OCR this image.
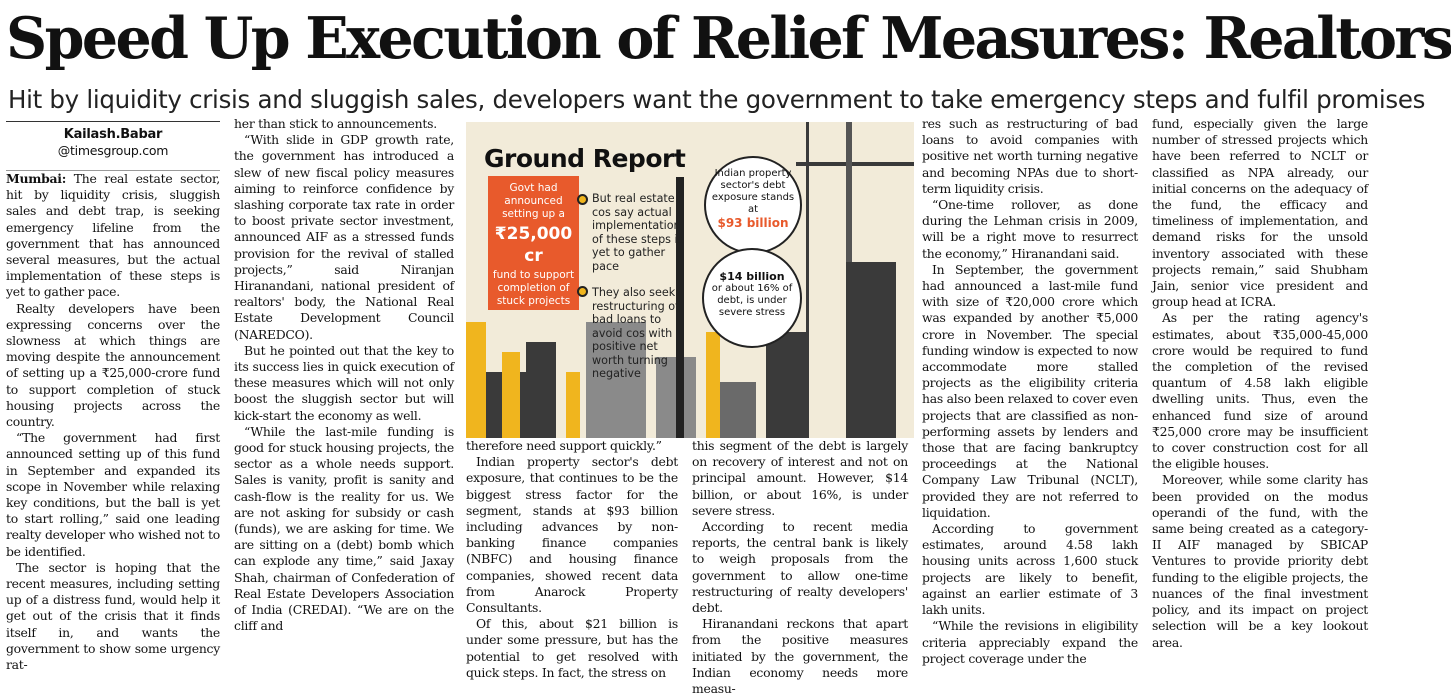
Speed Up Execution of Relief Measures: Realtors
Hit by liquidity crisis and sluggish sales, developers want the government to take emergency steps and fulfil promises
Kailash.Babar
@timesgroup.com

Mumbai: The real estate sector, hit by liquidity crisis, sluggish sales and debt trap, is seeking emergency lifeline from the government that has announced several measures, but the actual implementation of these steps is yet to gather pace.

Realty developers have been expressing concerns over the slowness at which things are moving despite the announcement of setting up a ₹25,000-crore fund to support completion of stuck housing projects across the country.

“The government had first announced setting up of this fund in September and expanded its scope in November while relaxing key conditions, but the ball is yet to start rolling,” said one leading realty developer who wished not to be identified.

The sector is hoping that the recent measures, including setting up of a distress fund, would help it get out of the crisis that it finds itself in, and wants the government to show some urgency rat-

her than stick to announcements.

“With slide in GDP growth rate, the government has introduced a slew of new fiscal policy measures aiming to reinforce confidence by slashing corporate tax rate in order to boost private sector investment, announced AIF as a stressed funds provision for the revival of stalled projects,” said Niranjan Hiranandani, national president of realtors' body, the National Real Estate Development Council (NAREDCO).

But he pointed out that the key to its success lies in quick execution of these measures which will not only boost the sluggish sector but will kick-start the economy as well.

“While the last-mile funding is good for stuck housing projects, the sector as a whole needs support. Sales is vanity, profit is sanity and cash-flow is the reality for us. We are not asking for subsidy or cash (funds), we are asking for time. We are sitting on a (debt) bomb which can explode any time,” said Jaxay Shah, chairman of Confederation of Real Estate Developers Association of India (CREDAI). “We are on the cliff and

Ground Report
Govt had announced setting up a
₹25,000 cr
fund to support completion of stuck projects
But real estate cos say actual implementation of these steps is yet to gather pace
They also seek restructuring of bad loans to avoid cos with positive net worth turning negative
Indian property sector's debt exposure stands at
$93 billion
$14 billion
or about 16% of debt, is under severe stress

therefore need support quickly.”

Indian property sector's debt exposure, that continues to be the biggest stress factor for the segment, stands at $93 billion including advances by non-banking finance companies (NBFC) and housing finance companies, showed recent data from Anarock Property Consultants.

Of this, about $21 billion is under some pressure, but has the potential to get resolved with quick steps. In fact, the stress on

this segment of the debt is largely on recovery of interest and not on principal amount. However, $14 billion, or about 16%, is under severe stress.

According to recent media reports, the central bank is likely to weigh proposals from the government to allow one-time restructuring of realty developers' debt.

Hiranandani reckons that apart from the positive measures initiated by the government, the Indian economy needs more measu-

res such as restructuring of bad loans to avoid companies with positive net worth turning negative and becoming NPAs due to short-term liquidity crisis.

“One-time rollover, as done during the Lehman crisis in 2009, will be a right move to resurrect the economy,” Hiranandani said.

In September, the government had announced a last-mile fund with size of ₹20,000 crore which was expanded by another ₹5,000 crore in November. The special funding window is expected to now accommodate more stalled projects as the eligibility criteria has also been relaxed to cover even projects that are classified as non-performing assets by lenders and those that are facing bankruptcy proceedings at the National Company Law Tribunal (NCLT), provided they are not referred to liquidation.

According to government estimates, around 4.58 lakh housing units across 1,600 stuck projects are likely to benefit, against an earlier estimate of 3 lakh units.

“While the revisions in eligibility criteria appreciably expand the project coverage under the

fund, especially given the large number of stressed projects which have been referred to NCLT or classified as NPA already, our initial concerns on the adequacy of the fund, the efficacy and timeliness of implementation, and demand risks for the unsold inventory associated with these projects remain,” said Shubham Jain, senior vice president and group head at ICRA.

As per the rating agency's estimates, about ₹35,000-45,000 crore would be required to fund the completion of the revised quantum of 4.58 lakh eligible dwelling units. Thus, even the enhanced fund size of around ₹25,000 crore may be insufficient to cover construction cost for all the eligible houses.

Moreover, while some clarity has been provided on the modus operandi of the fund, with the same being created as a category-II AIF managed by SBICAP Ventures to provide priority debt funding to the eligible projects, the nuances of the final investment policy, and its impact on project selection will be a key lookout area.
